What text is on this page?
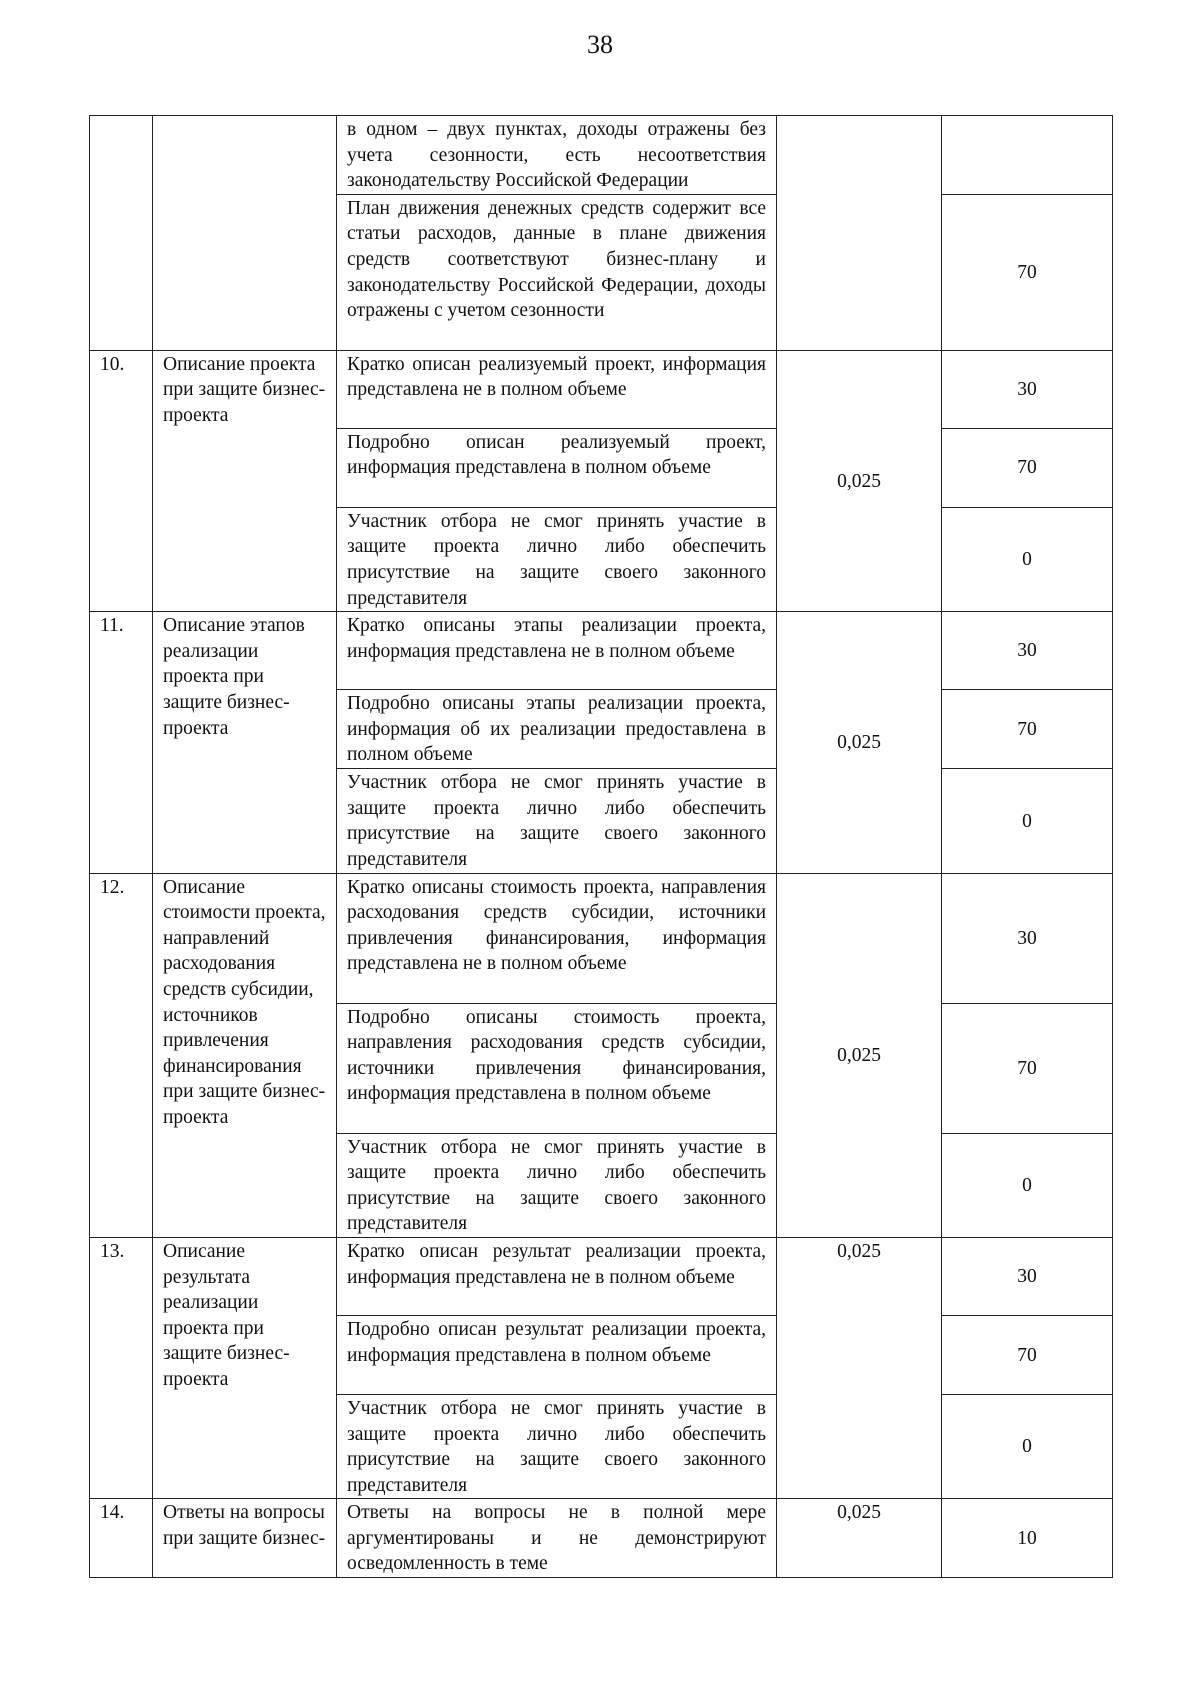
38
		в одном – двух пунктах, доходы отражены без учета сезонности, есть несоответствия законодательству Российской Федерации		
		План движения денежных средств содержит все статьи расходов, данные в плане движения средств соответствуют бизнес-плану и законодательству Российской Федерации, доходы отражены с учетом сезонности		70
10.	Описание проекта при защите бизнес-проекта	Кратко описан реализуемый проект, информация представлена не в полном объеме	0,025	30
		Подробно описан реализуемый проект, информация представлена в полном объеме		70
		Участник отбора не смог принять участие в защите проекта лично либо обеспечить присутствие на защите своего законного представителя		0
11.	Описание этапов реализации проекта при защите бизнес-проекта	Кратко описаны этапы реализации проекта, информация представлена не в полном объеме	0,025	30
		Подробно описаны этапы реализации проекта, информация об их реализации предоставлена в полном объеме		70
		Участник отбора не смог принять участие в защите проекта лично либо обеспечить присутствие на защите своего законного представителя		0
12.	Описание стоимости проекта, направлений расходования средств субсидии, источников привлечения финансирования при защите бизнес-проекта	Кратко описаны стоимость проекта, направления расходования средств субсидии, источники привлечения финансирования, информация представлена не в полном объеме	0,025	30
		Подробно описаны стоимость проекта, направления расходования средств субсидии, источники привлечения финансирования, информация представлена в полном объеме		70
		Участник отбора не смог принять участие в защите проекта лично либо обеспечить присутствие на защите своего законного представителя		0
13.	Описание результата реализации проекта при защите бизнес-проекта	Кратко описан результат реализации проекта, информация представлена не в полном объеме	0,025	30
		Подробно описан результат реализации проекта, информация представлена в полном объеме		70
		Участник отбора не смог принять участие в защите проекта лично либо обеспечить присутствие на защите своего законного представителя		0
14.	Ответы на вопросы при защите бизнес-	Ответы на вопросы не в полной мере аргументированы и не демонстрируют осведомленность в теме	0,025	10
